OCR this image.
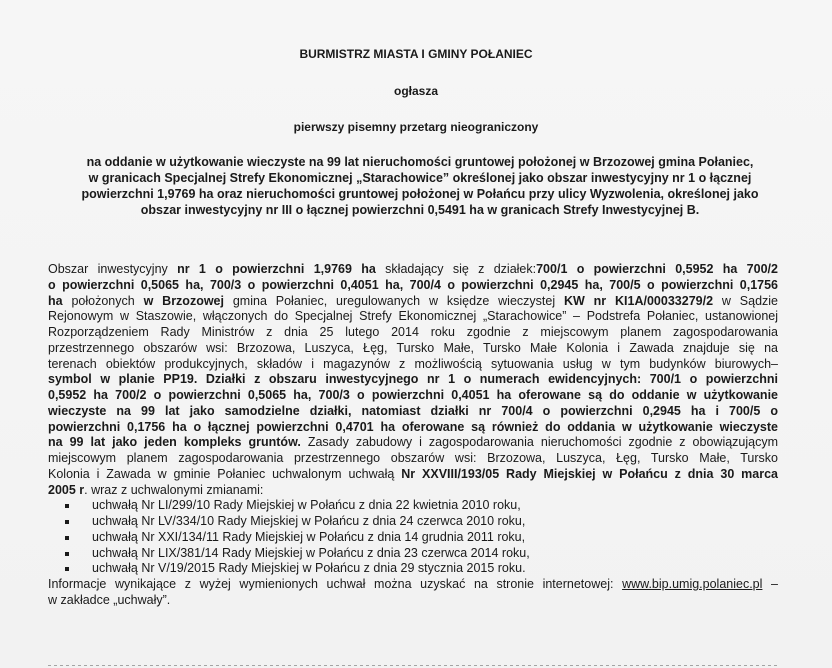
BURMISTRZ MIASTA I GMINY POŁANIEC
ogłasza
pierwszy pisemny przetarg nieograniczony
na oddanie w użytkowanie wieczyste na 99 lat nieruchomości gruntowej położonej w Brzozowej gmina Połaniec,
w granicach Specjalnej Strefy Ekonomicznej „Starachowice” określonej jako obszar inwestycyjny nr 1 o łącznej
powierzchni 1,9769 ha oraz nieruchomości gruntowej położonej w Połańcu przy ulicy Wyzwolenia, określonej jako
obszar inwestycyjny nr III o łącznej powierzchni 0,5491 ha w granicach Strefy Inwestycyjnej B.
Obszar inwestycyjny nr 1 o powierzchni 1,9769 ha składający się z działek:700/1 o powierzchni 0,5952 ha 700/2
o powierzchni 0,5065 ha, 700/3 o powierzchni 0,4051 ha, 700/4 o powierzchni 0,2945 ha, 700/5 o powierzchni 0,1756
ha położonych w Brzozowej gmina Połaniec, uregulowanych w księdze wieczystej KW nr KI1A/00033279/2 w Sądzie
Rejonowym w Staszowie, włączonych do Specjalnej Strefy Ekonomicznej „Starachowice” – Podstrefa Połaniec, ustanowionej
Rozporządzeniem Rady Ministrów z dnia 25 lutego 2014 roku zgodnie z miejscowym planem zagospodarowania
przestrzennego obszarów wsi: Brzozowa, Luszyca, Łęg, Tursko Małe, Tursko Małe Kolonia i Zawada znajduje się na
terenach obiektów produkcyjnych, składów i magazynów z możliwością sytuowania usług w tym budynków biurowych–
symbol w planie PP19. Działki z obszaru inwestycyjnego nr 1 o numerach ewidencyjnych: 700/1 o powierzchni
0,5952 ha 700/2 o powierzchni 0,5065 ha, 700/3 o powierzchni 0,4051 ha oferowane są do oddanie w użytkowanie
wieczyste na 99 lat jako samodzielne działki, natomiast działki nr 700/4 o powierzchni 0,2945 ha i 700/5 o
powierzchni 0,1756 ha o łącznej powierzchni 0,4701 ha oferowane są również do oddania w użytkowanie wieczyste
na 99 lat jako jeden kompleks gruntów. Zasady zabudowy i zagospodarowania nieruchomości zgodnie z obowiązującym
miejscowym planem zagospodarowania przestrzennego obszarów wsi: Brzozowa, Luszyca, Łęg, Tursko Małe, Tursko
Kolonia i Zawada w gminie Połaniec uchwalonym uchwałą Nr XXVIII/193/05 Rady Miejskiej w Połańcu z dnia 30 marca
2005 r. wraz z uchwalonymi zmianami:
uchwałą Nr LI/299/10 Rady Miejskiej w Połańcu z dnia 22 kwietnia 2010 roku,
uchwałą Nr LV/334/10 Rady Miejskiej w Połańcu z dnia 24 czerwca 2010 roku,
uchwałą Nr XXI/134/11 Rady Miejskiej w Połańcu z dnia 14 grudnia 2011 roku,
uchwałą Nr LIX/381/14 Rady Miejskiej w Połańcu z dnia 23 czerwca 2014 roku,
uchwałą Nr V/19/2015 Rady Miejskiej w Połańcu z dnia 29 stycznia 2015 roku.
Informacje wynikające z wyżej wymienionych uchwał można uzyskać na stronie internetowej: www.bip.umig.polaniec.pl –
w zakładce „uchwały”.
